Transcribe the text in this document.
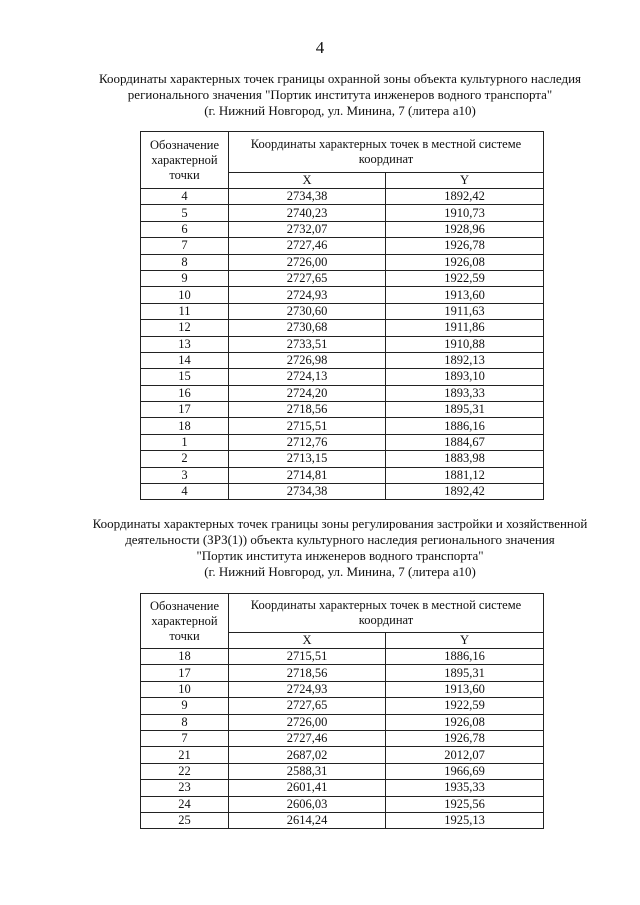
4
Координаты характерных точек границы охранной зоны объекта культурного наследия
регионального значения "Портик института инженеров водного транспорта"
(г. Нижний Новгород, ул. Минина, 7 (литера а10)
Обозначение характерной точки	Координаты характерных точек в местной системе координат	
	X	Y
4	2734,38	1892,42
5	2740,23	1910,73
6	2732,07	1928,96
7	2727,46	1926,78
8	2726,00	1926,08
9	2727,65	1922,59
10	2724,93	1913,60
11	2730,60	1911,63
12	2730,68	1911,86
13	2733,51	1910,88
14	2726,98	1892,13
15	2724,13	1893,10
16	2724,20	1893,33
17	2718,56	1895,31
18	2715,51	1886,16
1	2712,76	1884,67
2	2713,15	1883,98
3	2714,81	1881,12
4	2734,38	1892,42
Координаты характерных точек границы зоны регулирования застройки и хозяйственной
деятельности (ЗРЗ(1)) объекта культурного наследия регионального значения
"Портик института инженеров водного транспорта"
(г. Нижний Новгород, ул. Минина, 7 (литера а10)
Обозначение характерной точки	Координаты характерных точек в местной системе координат	
	X	Y
18	2715,51	1886,16
17	2718,56	1895,31
10	2724,93	1913,60
9	2727,65	1922,59
8	2726,00	1926,08
7	2727,46	1926,78
21	2687,02	2012,07
22	2588,31	1966,69
23	2601,41	1935,33
24	2606,03	1925,56
25	2614,24	1925,13
